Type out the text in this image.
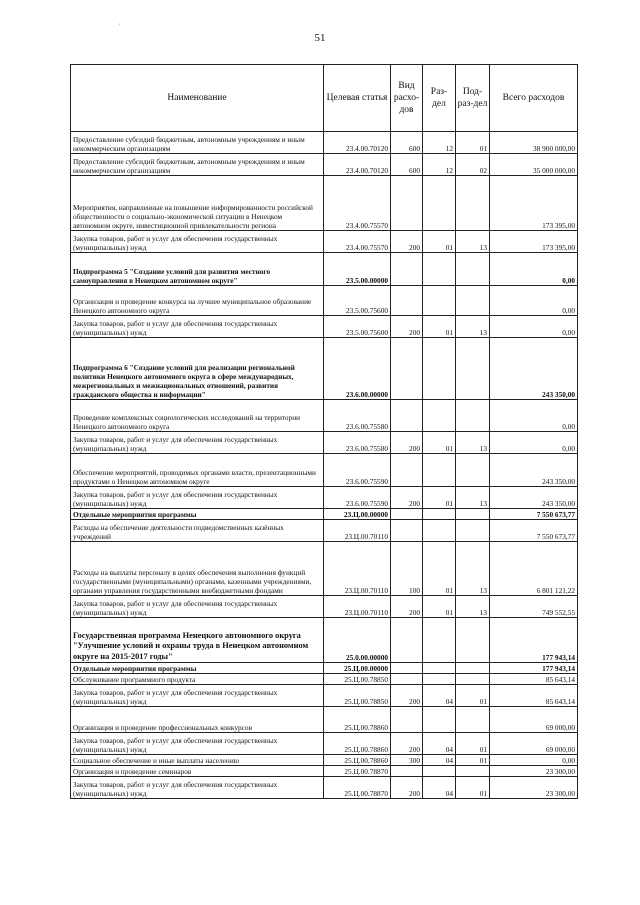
51
,
Наименование	Целевая статья	Вид расхо-дов	Раз-дел	Под-раз-дел	Всего расходов
Предоставление субсидий бюджетным, автономным учреждениям и иным некоммерческим организациям	23.4.00.70120	600	12	01	38 900 000,00
Предоставление субсидий бюджетным, автономным учреждениям и иным некоммерческим организациям	23.4.00.70120	600	12	02	35 000 000,00
Мероприятия, направленные на повышение информированности российской общественности о социально-экономической ситуации в Ненецком автономном округе, инвестиционной привлекательности региона	23.4.00.75570				173 395,00
Закупка товаров, работ и услуг для обеспечения государственных (муниципальных) нужд	23.4.00.75570	200	01	13	173 395,00
Подпрограмма 5 "Создание условий для развития местного самоуправления в Ненецком автономном округе"	23.5.00.00000				0,00
Организация и проведение конкурса на лучшее муниципальное образование Ненецкого автономного округа	23.5.00.75600				0,00
Закупка товаров, работ и услуг для обеспечения государственных (муниципальных) нужд	23.5.00.75600	200	01	13	0,00
Подпрограмма 6 "Создание условий для реализации региональной политики Ненецкого автономного округа в сфере международных, межрегиональных и межнациональных отношений, развития гражданского общества и информации"	23.6.00.00000				243 350,00
Проведение комплексных социологических исследований на территории Ненецкого автономного округа	23.6.00.75580				0,00
Закупка товаров, работ и услуг для обеспечения государственных (муниципальных) нужд	23.6.00.75580	200	01	13	0,00
Обеспечение мероприятий, проводимых органами власти, презентационными продуктами о Ненецком автономном округе	23.6.00.75590				243 350,00
Закупка товаров, работ и услуг для обеспечения государственных (муниципальных) нужд	23.6.00.75590	200	01	13	243 350,00
Отдельные мероприятия программы	23.Ц.00.00000				7 550 673,77
Расходы на обеспечение деятельности подведомственных казённых учреждений	23.Ц.00.70110				7 550 673,77
Расходы на выплаты персоналу в целях обеспечения выполнения функций государственными (муниципальными) органами, казенными учреждениями, органами управления государственными внебюджетными фондами	23.Ц.00.70110	100	01	13	6 801 121,22
Закупка товаров, работ и услуг для обеспечения государственных (муниципальных) нужд	23.Ц.00.70110	200	01	13	749 552,55
Государственная программа Ненецкого автономного округа "Улучшение условий и охраны труда в Ненецком автономном округе на 2015-2017 годы"	25.0.00.00000				177 943,14
Отдельные мероприятия программы	25.Ц.00.00000				177 943,14
Обслуживание программного продукта	25.Ц.00.78850				85 643,14
Закупка товаров, работ и услуг для обеспечения государственных (муниципальных) нужд	25.Ц.00.78850	200	04	01	85 643,14
Организация и проведение профессиональных конкурсов	25.Ц.00.78860				69 000,00
Закупка товаров, работ и услуг для обеспечения государственных (муниципальных) нужд	25.Ц.00.78860	200	04	01	69 000,00
Социальное обеспечение и иные выплаты населению	25.Ц.00.78860	300	04	01	0,00
Организация и проведение семинаров	25.Ц.00.78870				23 300,00
Закупка товаров, работ и услуг для обеспечения государственных (муниципальных) нужд	25.Ц.00.78870	200	04	01	23 300,00
